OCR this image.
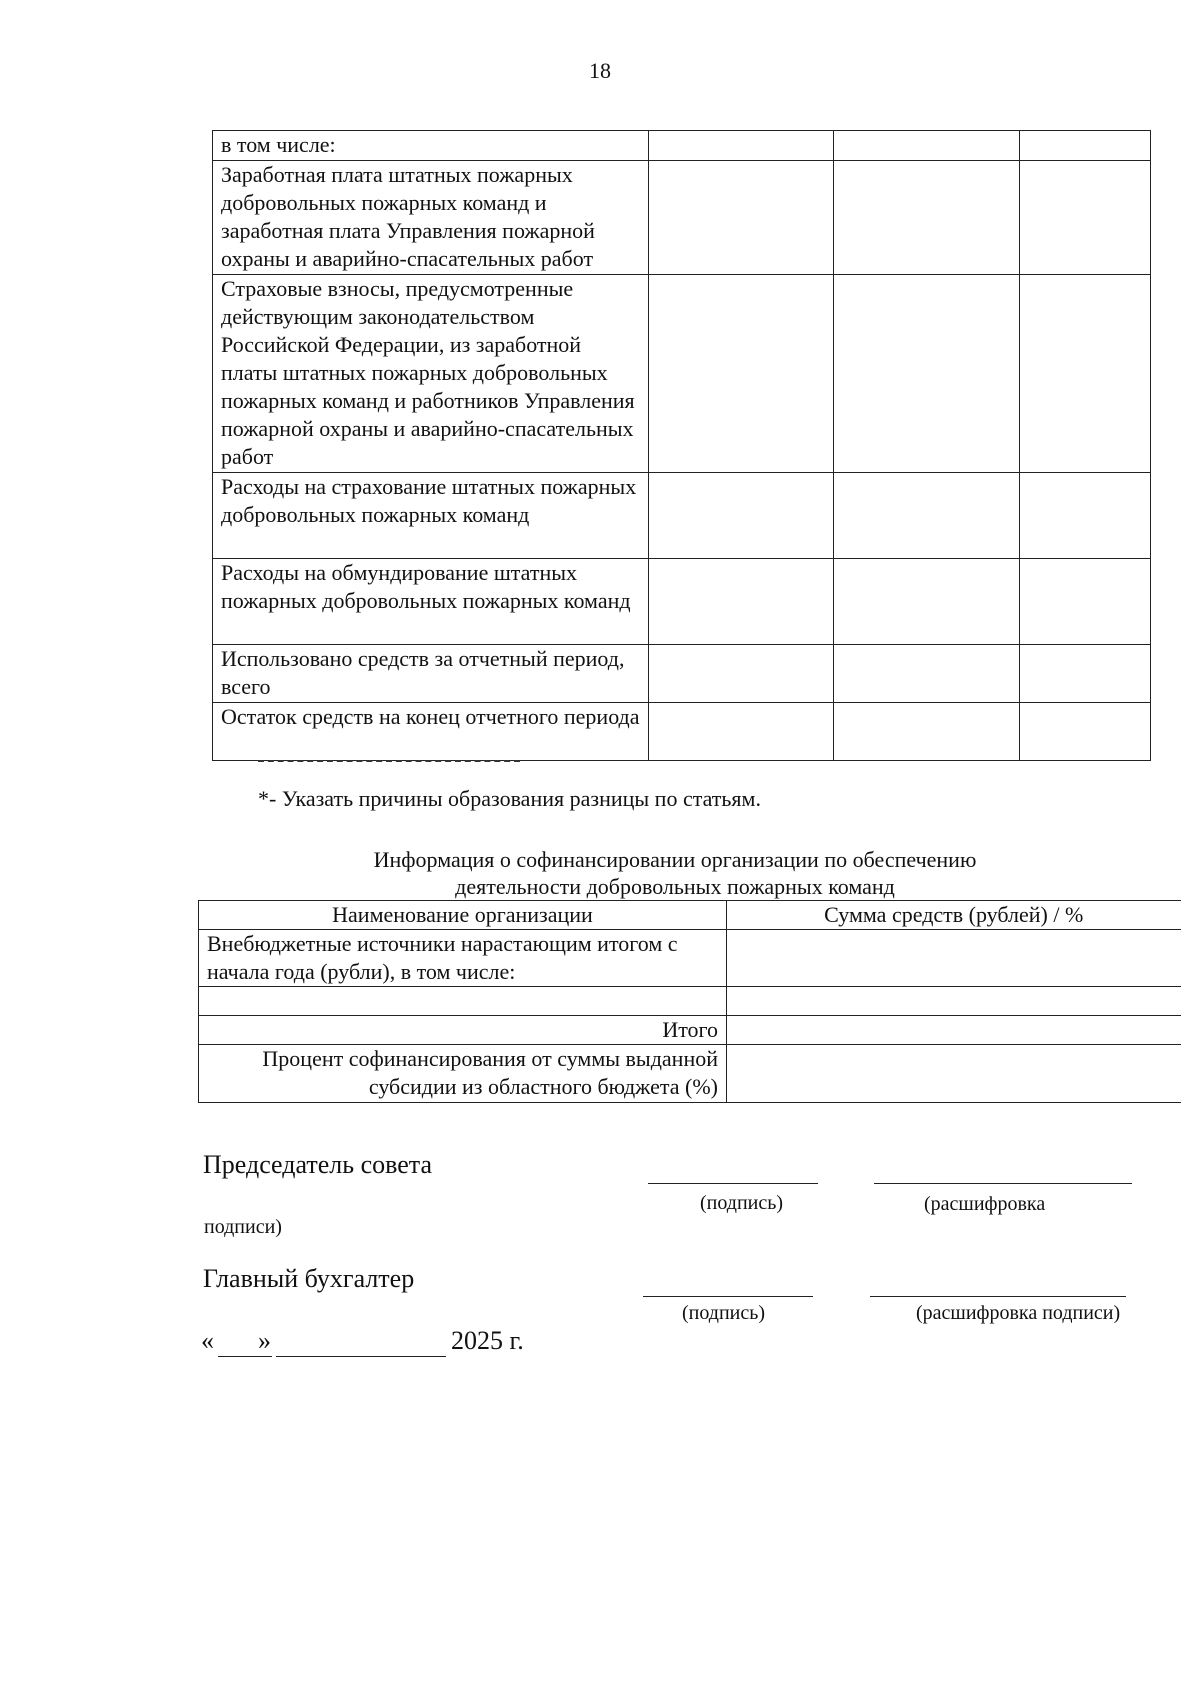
18
в том числе:			
Заработная плата штатных пожарных добровольных пожарных команд и заработная плата Управления пожарной охраны и аварийно-спасательных работ			
Страховые взносы, предусмотренные действующим законодательством Российской Федерации, из заработной платы штатных пожарных добровольных пожарных команд и работников Управления пожарной охраны и аварийно-спасательных работ			
Расходы на страхование штатных пожарных добровольных пожарных команд			
Расходы на обмундирование штатных пожарных добровольных пожарных команд			
Использовано средств за отчетный период, всего			
Остаток средств на конец отчетного периода			
*- Указать причины образования разницы по статьям.
Информация о софинансировании организации по обеспечению
деятельности добровольных пожарных команд
Наименование организации	Сумма средств (рублей) / %
Внебюджетные источники нарастающим итогом с начала года (рубли), в том числе:	

Итого	
Процент софинансирования от суммы выданной субсидии из областного бюджета (%)	
Председатель совета
(подпись)	(расшифровка
подписи)
Главный бухгалтер
(подпись)	(расшифровка подписи)
« »	2025 г.
